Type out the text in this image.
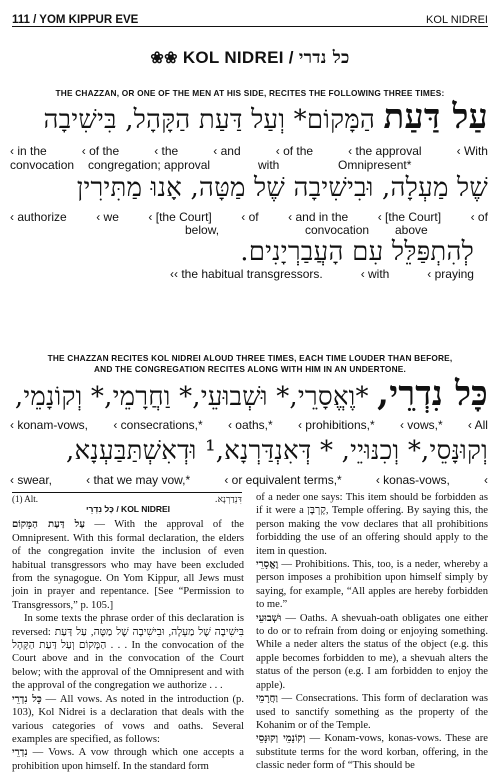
111 / YOM KIPPUR EVE	KOL NIDREI
❀❀ KOL NIDREI / כל נדרי
THE CHAZZAN, OR ONE OF THE MEN AT HIS SIDE, RECITES THE FOLLOWING THREE TIMES:
עַל דַּעַת הַמָּקוֹם* וְעַל דַּעַת הַקָּהָל, בִּישִׁיבָה
‹ in the	‹ of the	‹ the	‹ and	‹ of the	‹ the approval	‹ With
convocation	congregation; approval	with	Omnipresent*
שֶׁל מַעְלָה, וּבִישִׁיבָה שֶׁל מַטָּה, אָנוּ מַתִּירִין
‹ authorize ‹ we ‹ [the Court] ‹ of ‹ and in the ‹ [the Court] ‹ of
below,	convocation	above
לְהִתְפַּלֵּל עִם הָעֲבַרְיָנִים.
‹‹ the habitual transgressors.	‹ with	‹ praying
THE CHAZZAN RECITES KOL NIDREI ALOUD THREE TIMES, EACH TIME LOUDER THAN BEFORE,
AND THE CONGREGATION RECITES ALONG WITH HIM IN AN UNDERTONE.
כָּל נִדְרֵי, *וֶאֱסָרֵי,* וּשְׁבוּעֵי,* וַחֲרָמֵי,* וְקוֹנָמֵי,
‹ konam-vows, ‹ consecrations,* ‹ oaths,* ‹ prohibitions,* ‹ vows,* ‹ All
וְקוּנָּסֵי,* וְכִנּוּיֵי, * דְּאִנְדַּרְנָא,¹ וּדְאִשְׁתַּבַּעְנָא,
‹ swear,	‹ that we may vow,*	‹ or equivalent terms,*	‹ konas-vows,	‹
(1) Alt.	דִּנְדַרְנָא.
כָּל נִדְרֵי / KOL NIDREI

עַל דַּעַת הַמָּקוֹם — With the approval of the Omnipresent. With this formal declaration, the elders of the congregation invite the inclusion of even habitual transgressors who may have been excluded from the synagogue. On Yom Kippur, all Jews must join in prayer and repentance. [See “Permission to Transgressors,” p. 105.]

In some texts the phrase order of this declaration is reversed: בִּישִׁיבָה שֶׁל מַעְלָה, וּבִישִׁיבָה שֶׁל מַטָּה, עַל דַּעַת הַמָּקוֹם וְעַל דַּעַת הַקָּהָל . . . In the convocation of the Court above and in the convocation of the Court below; with the approval of the Omnipresent and with the approval of the congregation we authorize . . .

כָּל נִדְרֵי — All vows. As noted in the introduction (p. 103), Kol Nidrei is a declaration that deals with the various categories of vows and oaths. Several examples are specified, as follows:

נִדְרֵי — Vows. A vow through which one accepts a prohibition upon himself. In the standard form

of a neder one says: This item should be forbidden as if it were a קָרְבָּן, Temple offering. By saying this, the person making the vow declares that all prohibitions forbidding the use of an offering should apply to the item in question.

וֶאֱסָרֵי — Prohibitions. This, too, is a neder, whereby a person imposes a prohibition upon himself simply by saying, for example, “All apples are hereby forbidden to me.”

וּשְׁבוּעֵי — Oaths. A shevuah-oath obligates one either to do or to refrain from doing or enjoying something. While a neder alters the status of the object (e.g. this apple becomes forbidden to me), a shevuah alters the status of the person (e.g. I am forbidden to enjoy the apple).

וַחֲרָמֵי — Consecrations. This form of declaration was used to sanctify something as the property of the Kohanim or of the Temple.

וְקוֹנָמֵי וְקוּנָּסֵי — Konam-vows, konas-vows. These are substitute terms for the word korban, offering, in the classic neder form of “This should be
